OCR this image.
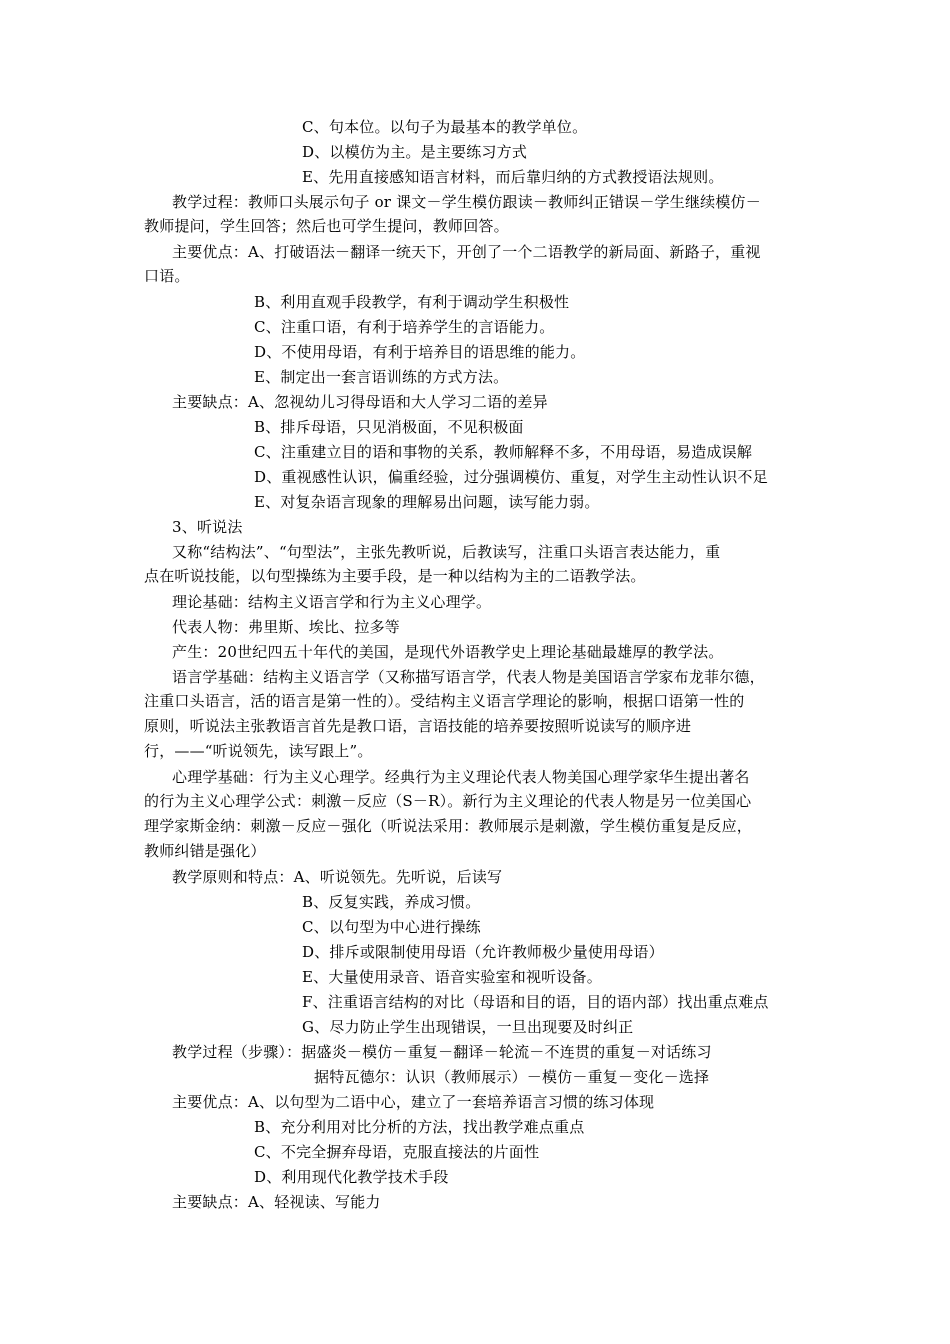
C、句本位。以句子为最基本的教学单位。
D、以模仿为主。是主要练习方式
E、先用直接感知语言材料，而后靠归纳的方式教授语法规则。
教学过程：教师口头展示句子 or 课文－学生模仿跟读－教师纠正错误－学生继续模仿－
教师提问，学生回答；然后也可学生提问，教师回答。
主要优点：A、打破语法－翻译一统天下，开创了一个二语教学的新局面、新路子，重视
口语。
B、利用直观手段教学，有利于调动学生积极性
C、注重口语，有利于培养学生的言语能力。
D、不使用母语，有利于培养目的语思维的能力。
E、制定出一套言语训练的方式方法。
主要缺点：A、忽视幼儿习得母语和大人学习二语的差异
B、排斥母语，只见消极面，不见积极面
C、注重建立目的语和事物的关系，教师解释不多，不用母语，易造成误解
D、重视感性认识，偏重经验，过分强调模仿、重复，对学生主动性认识不足
E、对复杂语言现象的理解易出问题，读写能力弱。
3、听说法
又称“结构法”、“句型法”，主张先教听说，后教读写，注重口头语言表达能力，重
点在听说技能，以句型操练为主要手段，是一种以结构为主的二语教学法。
理论基础：结构主义语言学和行为主义心理学。
代表人物：弗里斯、埃比、拉多等
产生：20世纪四五十年代的美国，是现代外语教学史上理论基础最雄厚的教学法。
语言学基础：结构主义语言学（又称描写语言学，代表人物是美国语言学家布龙菲尔德，
注重口头语言，活的语言是第一性的）。受结构主义语言学理论的影响，根据口语第一性的
原则，听说法主张教语言首先是教口语，言语技能的培养要按照听说读写的顺序进
行，——“听说领先，读写跟上”。
心理学基础：行为主义心理学。经典行为主义理论代表人物美国心理学家华生提出著名
的行为主义心理学公式：刺激－反应（S－R）。新行为主义理论的代表人物是另一位美国心
理学家斯金纳：刺激－反应－强化（听说法采用：教师展示是刺激，学生模仿重复是反应，
教师纠错是强化）
教学原则和特点：A、听说领先。先听说，后读写
B、反复实践，养成习惯。
C、以句型为中心进行操练
D、排斥或限制使用母语（允许教师极少量使用母语）
E、大量使用录音、语音实验室和视听设备。
F、注重语言结构的对比（母语和目的语，目的语内部）找出重点难点
G、尽力防止学生出现错误，一旦出现要及时纠正
教学过程（步骤）：据盛炎－模仿－重复－翻译－轮流－不连贯的重复－对话练习
据特瓦德尔：认识（教师展示）－模仿－重复－变化－选择
主要优点：A、以句型为二语中心，建立了一套培养语言习惯的练习体现
B、充分利用对比分析的方法，找出教学难点重点
C、不完全摒弃母语，克服直接法的片面性
D、利用现代化教学技术手段
主要缺点：A、轻视读、写能力
